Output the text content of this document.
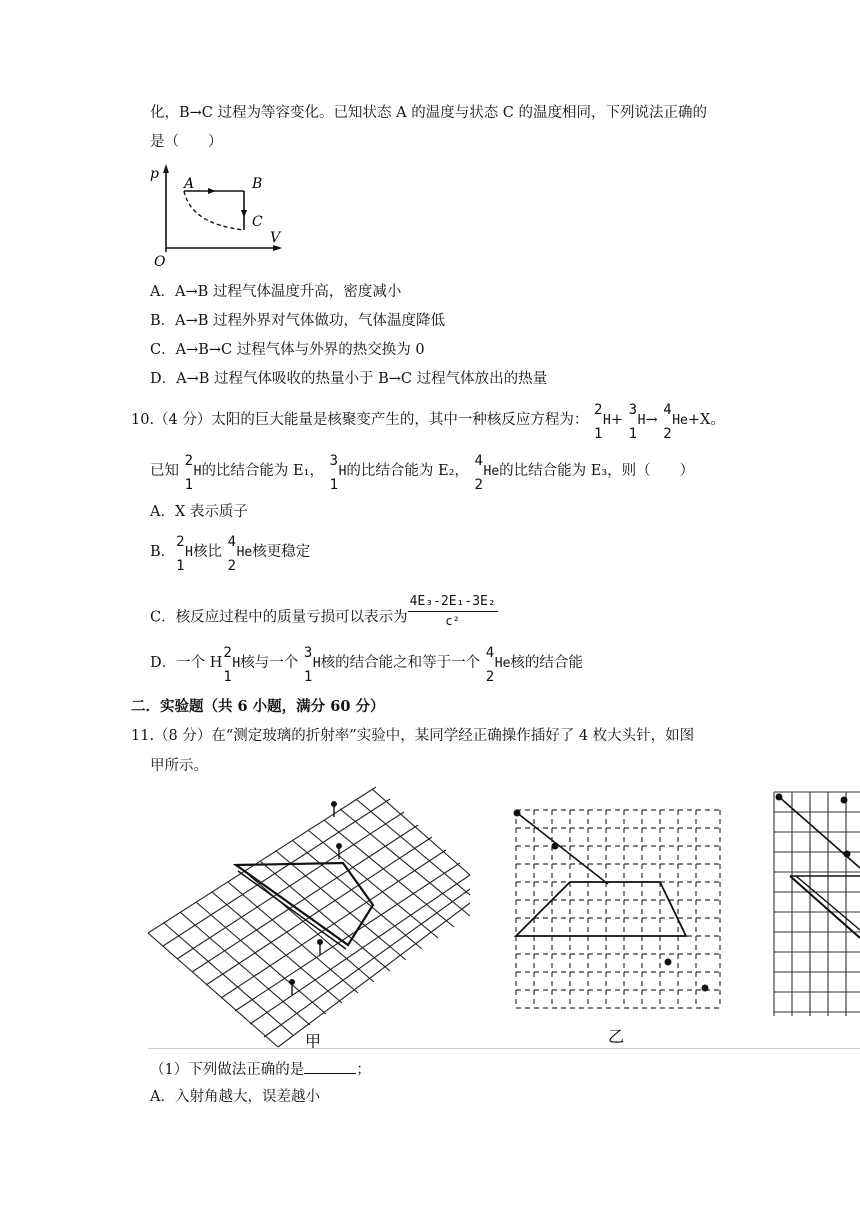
化，B→C 过程为等容变化。已知状态 A 的温度与状态 C 的温度相同，下列说法正确的
是（　　）
p
V
O
A	B
C
A．A→B 过程气体温度升高，密度减小
B．A→B 过程外界对气体做功，气体温度降低
C．A→B→C 过程气体与外界的热交换为 0
D．A→B 过程气体吸收的热量小于 B→C 过程气体放出的热量
10.（4 分）太阳的巨大能量是核聚变产生的，其中一种核反应方程为：
2
1
H+
3
1
H→
4
2
He+X。
已知
2
1
H的比结合能为 E₁，
3
1
H的比结合能为 E₂，
4
2
He的比结合能为 E₃，则（　　）
A．X 表示质子
B．
2
1
H核比
4
2
He核更稳定
C．核反应过程中的质量亏损可以表示为 $\frac{\text{4E₃-2E₁-3E₂}}{\text{c²}}$
D．一个 H
2
1
H核与一个
3
1
H核的结合能之和等于一个
4
2
He核的结合能
二．实验题（共 6 小题，满分 60 分）
11.（8 分）在“测定玻璃的折射率”实验中，某同学经正确操作插好了 4 枚大头针，如图
甲所示。
甲	乙
（1）下列做法正确的是	；
A．入射角越大，误差越小
